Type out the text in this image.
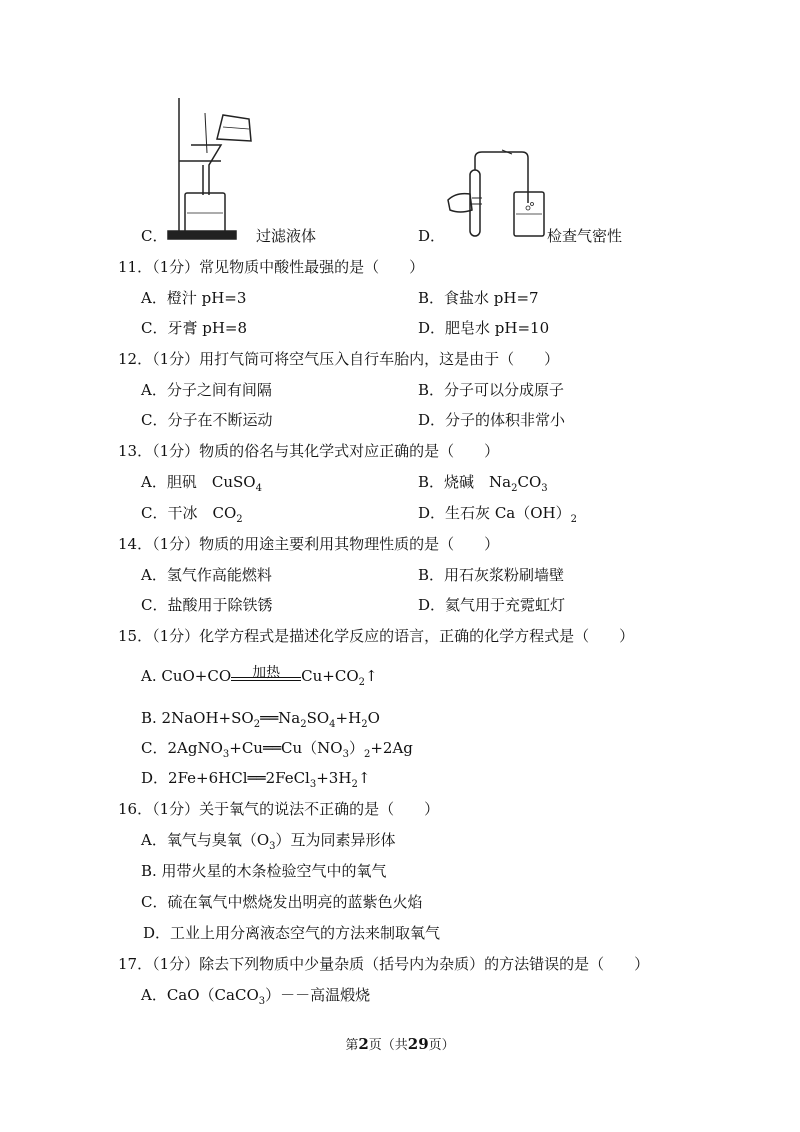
C．	过滤液体	D．	检查气密性
11．（1分）常见物质中酸性最强的是（　　）
A．橙汁 pH=3	B．食盐水 pH=7
C．牙膏 pH=8	D．肥皂水 pH=10
12．（1分）用打气筒可将空气压入自行车胎内，这是由于（　　）
A．分子之间有间隔	B．分子可以分成原子
C．分子在不断运动	D．分子的体积非常小
13．（1分）物质的俗名与其化学式对应正确的是（　　）
A．胆矾　 CuSO$_4$	B．烧碱　 $Na_2CO_3$
C．干冰　 $CO_2$	D．生石灰 $Ca(OH)_2$
14．（1分）物质的用途主要利用其物理性质的是（　　）
A．氢气作高能燃料	B．用石灰浆粉刷墙壁
C．盐酸用于除铁锈	D．氦气用于充霓虹灯
15．（1分）化学方程式是描述化学反应的语言，正确的化学方程式是（　　）
A. CuO+CO	加热	$Cu+CO_2↑$
B. $2NaOH+SO_2══Na_2SO_4+H_2O$
C．$2AgNO_3+Cu══Cu(NO_3)_2+2Ag$
D．$2Fe+6HCl══2FeCl_3+3H_2↑$
16．（1分）关于氧气的说法不正确的是（　　）
A．氧气与臭氧$(O_3)$互为同素异形体
B. 用带火星的木条检验空气中的氧气
C．硫在氧气中燃烧发出明亮的蓝紫色火焰
D．工业上用分离液态空气的方法来制取氧气
17．（1分）除去下列物质中少量杂质（括号内为杂质）的方法错误的是（　　）
A．CaO（CaCO$_3$）－－高温煅烧
第2页（共29页）
